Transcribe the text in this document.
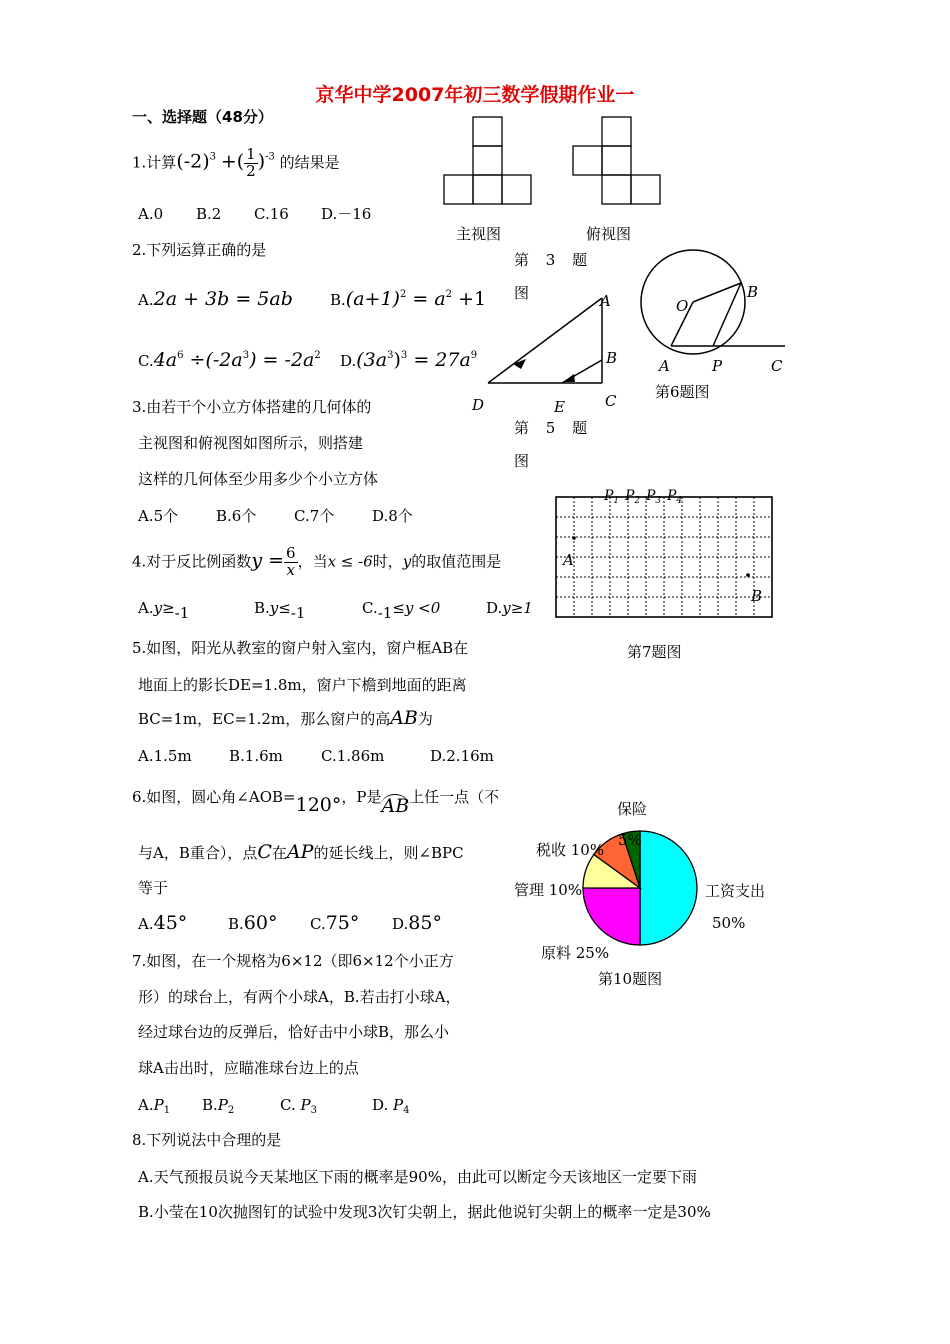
京华中学2007年初三数学假期作业一
一、选择题（48分）
1.计算$(-2)^3$ +( $\frac{1}{2} )^{-3}$ 的结果是
A.0 B.2 C.16 D.－16
2.下列运算正确的是
A.2a + 3b = 5ab $B.(a+1)^2 = a^2 +1$
$C.4a^6 \div(-2a^3) = -2a^2$ $D.(3a^3)^3 = 27a^9$
3.由若干个小立方体搭建的几何体的
主视图和俯视图如图所示，则搭建
这样的几何体至少用多少个小立方体
A.5个	B.6个	C.7个	D.8个
4.对于反比例函数$y = \frac{6}{x}$ ，当x ≤ -6时，y的取值范围是
A.y≥-1	B.y≤-1	C.-1≤y <0	D.y≥1
5.如图，阳光从教室的窗户射入室内，窗户框AB在
地面上的影长DE=1.8m，窗户下檐到地面的距离
BC=1m，EC=1.2m，那么窗户的高AB为
A.1.5m B.1.6m	C.1.86m	D.2.16m
6.如图，圆心角∠AOB=120°，P是AB上任一点（不
与A，B重合），点C在AP的延长线上，则∠BPC
等于
A.45°	B.60° C.75° D.85°
7.如图，在一个规格为6×12（即6×12个小正方
形）的球台上，有两个小球A，B.若击打小球A，
经过球台边的反弹后，恰好击中小球B，那么小
球A击出时，应瞄准球台边上的点
$A.P_1$ $B.P_2$	C. $P_3$	D. $P_4$
8.下列说法中合理的是
A.天气预报员说今天某地区下雨的概率是90%，由此可以断定今天该地区一定要下雨
B.小莹在10次抛图钉的试验中发现3次钉尖朝上，据此他说钉尖朝上的概率一定是30%
主视图	俯视图
第 3 题
图	A
B
C
D	E
第 5 题
图
O
B
A	P	C
第6题图
A
B
$P_1$ $P_2$ $P_3$ $P_4$
第7题图
保险
5%
税收 10%
管理 10%	工资支出
50%
原料 25%
第10题图
